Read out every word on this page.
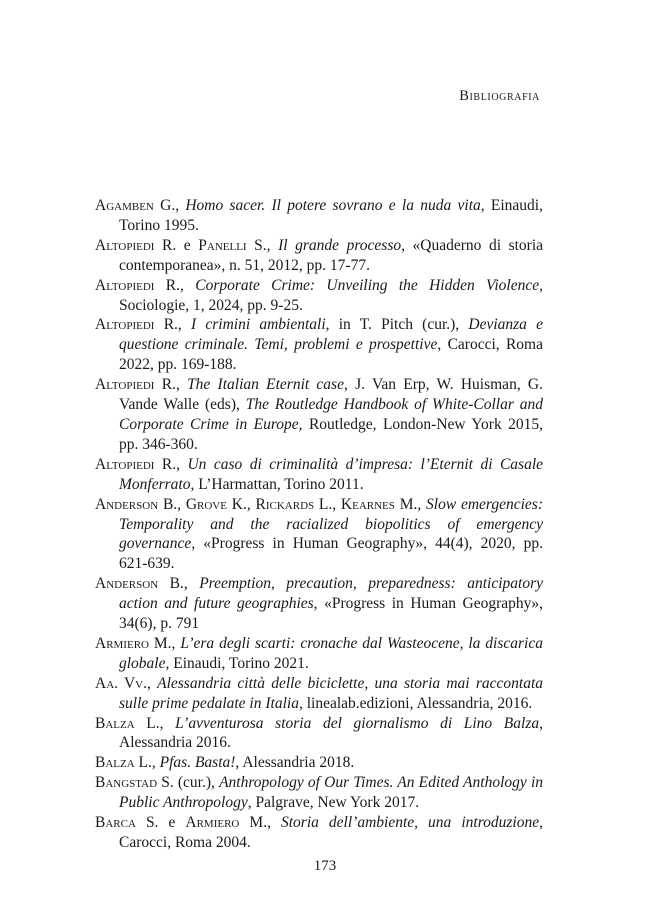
Bibliografia
Agamben G., Homo sacer. Il potere sovrano e la nuda vita, Einaudi, Torino 1995.
Altopiedi R. e Panelli S., Il grande processo, «Quaderno di storia contemporanea», n. 51, 2012, pp. 17-77.
Altopiedi R., Corporate Crime: Unveiling the Hidden Violence, Sociologie, 1, 2024, pp. 9-25.
Altopiedi R., I crimini ambientali, in T. Pitch (cur.), Devianza e questione criminale. Temi, problemi e prospettive, Carocci, Roma 2022, pp. 169-188.
Altopiedi R., The Italian Eternit case, J. Van Erp, W. Huisman, G. Vande Walle (eds), The Routledge Handbook of White-Collar and Corporate Crime in Europe, Routledge, London-New York 2015, pp. 346-360.
Altopiedi R., Un caso di criminalità d’impresa: l’Eternit di Casale Monferrato, L’Harmattan, Torino 2011.
Anderson B., Grove K., Rickards L., Kearnes M., Slow emergencies: Temporality and the racialized biopolitics of emergency governance, «Progress in Human Geography», 44(4), 2020, pp. 621-639.
Anderson B., Preemption, precaution, preparedness: anticipatory action and future geographies, «Progress in Human Geography», 34(6), p. 791
Armiero M., L’era degli scarti: cronache dal Wasteocene, la discarica globale, Einaudi, Torino 2021.
Aa. Vv., Alessandria città delle biciclette, una storia mai raccontata sulle prime pedalate in Italia, linealab.edizioni, Alessandria, 2016.
Balza L., L’avventurosa storia del giornalismo di Lino Balza, Alessandria 2016.
Balza L., Pfas. Basta!, Alessandria 2018.
Bangstad S. (cur.), Anthropology of Our Times. An Edited Anthology in Public Anthropology, Palgrave, New York 2017.
Barca S. e Armiero M., Storia dell’ambiente, una introduzione, Carocci, Roma 2004.
173
